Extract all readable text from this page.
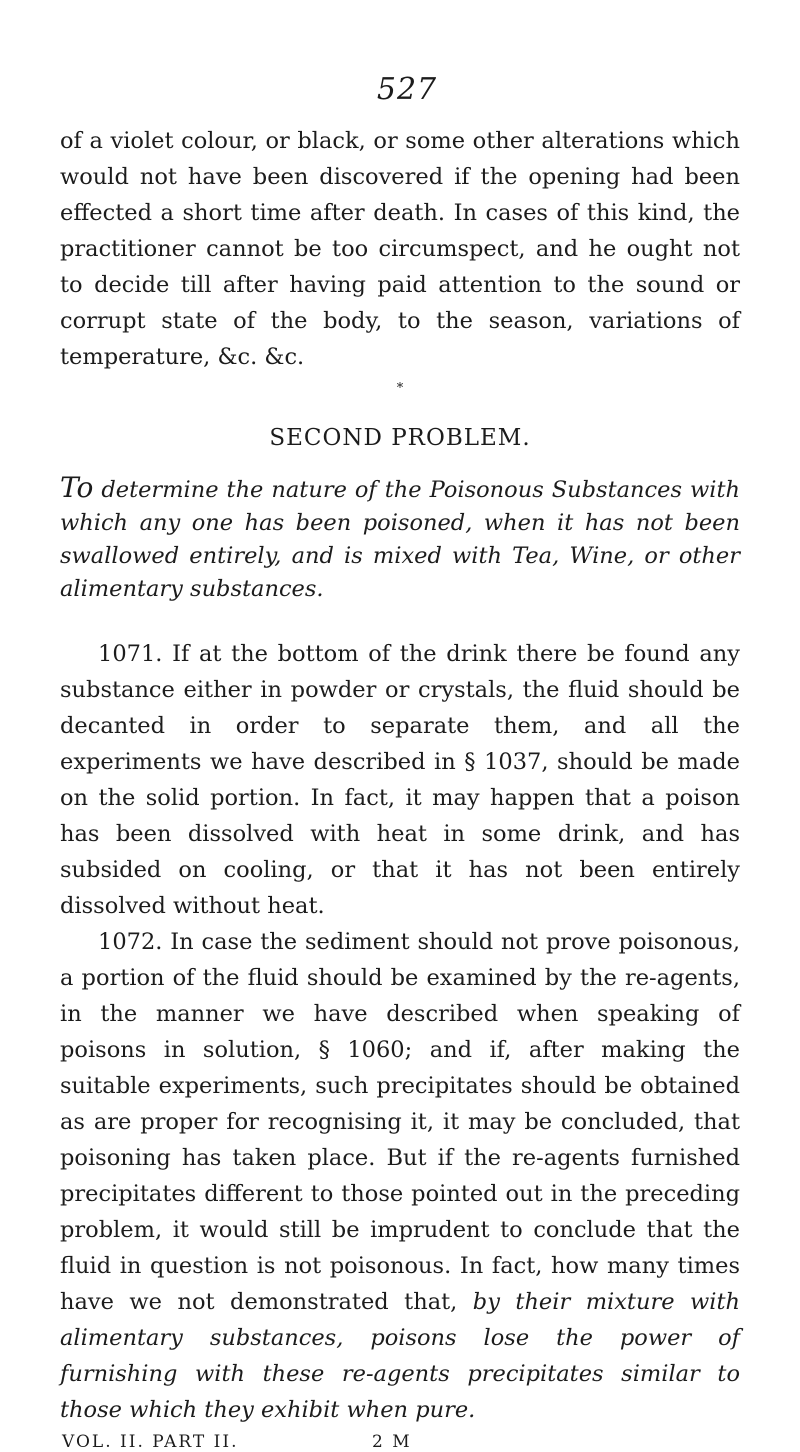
527

of a violet colour, or black, or some other alterations which would not have been discovered if the opening had been effected a short time after death. In cases of this kind, the practitioner cannot be too circumspect, and he ought not to decide till after having paid attention to the sound or corrupt state of the body, to the season, variations of temperature, &c. &c.

*
SECOND PROBLEM.

To determine the nature of the Poisonous Substances with which any one has been poisoned, when it has not been swallowed entirely, and is mixed with Tea, Wine, or other alimentary substances.

1071. If at the bottom of the drink there be found any substance either in powder or crystals, the fluid should be decanted in order to separate them, and all the experiments we have described in § 1037, should be made on the solid portion. In fact, it may happen that a poison has been dissolved with heat in some drink, and has subsided on cooling, or that it has not been entirely dissolved without heat.

1072. In case the sediment should not prove poisonous, a portion of the fluid should be examined by the re-agents, in the manner we have described when speaking of poisons in solution, § 1060; and if, after making the suitable experiments, such precipitates should be obtained as are proper for recognising it, it may be concluded, that poisoning has taken place. But if the re-agents furnished precipitates different to those pointed out in the preceding problem, it would still be imprudent to conclude that the fluid in question is not poisonous. In fact, how many times have we not demonstrated that, by their mixture with alimentary substances, poisons lose the power of furnishing with these re-agents precipitates similar to those which they exhibit when pure.

VOL. II. PART II.	2 M
